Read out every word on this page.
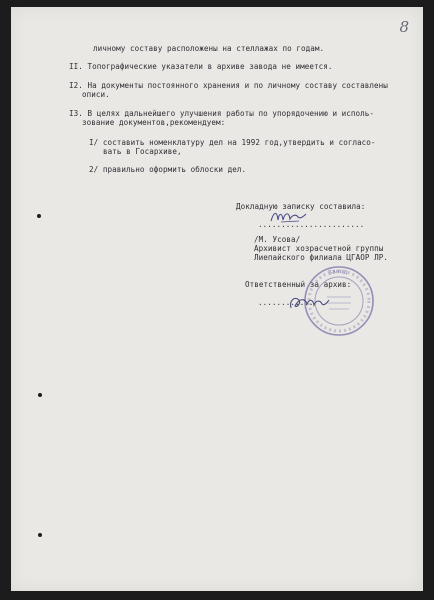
8
личному составу расположены на стеллажах по годам.
II. Топографические указатели в архиве завода не имеется.
I2. На документы постоянного хранения и по личному составу составлены
описи.
I3. В целях дальнейшего улучшения работы по упорядочению и исполь-
зование документов,рекомендуем:
I/ составить номенклатуру дел на 1992 год,утвердить и согласо-
вать в Госархиве,
2/ правильно оформить облоски дел.
Докладную записку составила:
.......................
/М. Усова/
Архивист хозрасчетной группы
Лиепайского филиала ЦГАОР ЛР.
Ответственный за архив:
............
Завод
